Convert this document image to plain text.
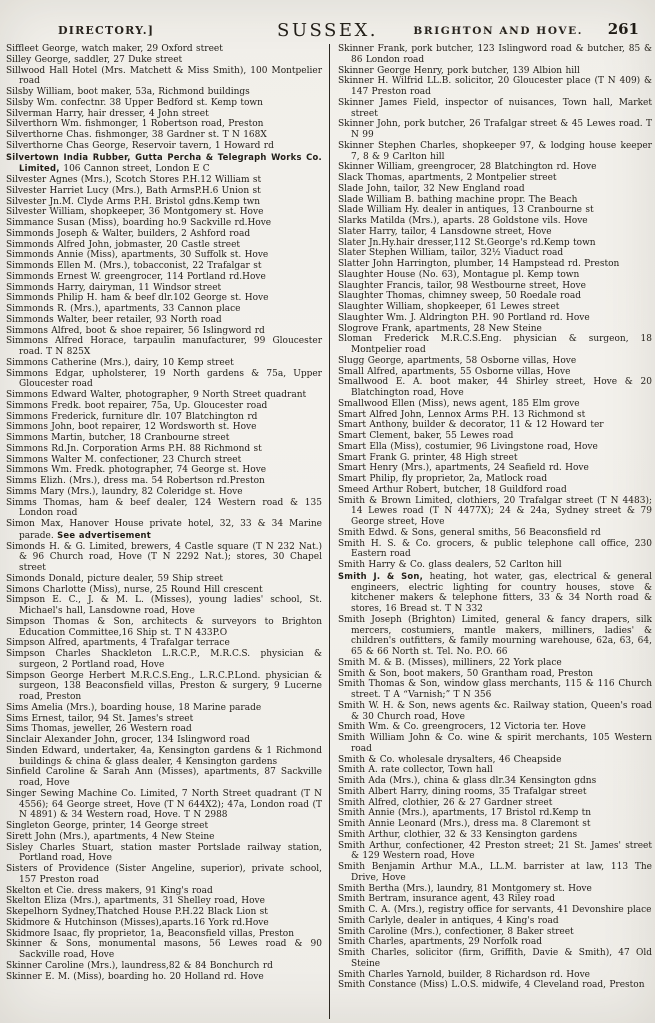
DIRECTORY.]	SUSSEX.	BRIGHTON AND HOVE. 261
Siffleet George, watch maker, 29 Oxford street
Silley George, saddler, 27 Duke street
Sillwood Hall Hotel (Mrs. Matchett & Miss Smith), 100 Montpelier road
Silsby William, boot maker, 53a, Richmond buildings
Silsby Wm. confectnr. 38 Upper Bedford st. Kemp town
Silverman Harry, hair dresser, 4 John street
Silverthorn Wm. fishmonger, 1 Robertson road, Preston
Silverthorne Chas. fishmonger, 38 Gardner st. T N 168X
Silverthorne Chas George, Reservoir tavern, 1 Howard rd
Silvertown India Rubber, Gutta Percha & Telegraph Works Co. Limited, 106 Cannon street, London E C
Silvester Agnes (Mrs.), Scotch Stores P.H.12 William st
Silvester Harriet Lucy (Mrs.), Bath ArmsP.H.6 Union st
Silvester Jn.M. Clyde Arms P.H. Bristol gdns.Kemp twn
Silvester William, shopkeeper, 36 Montgomery st. Hove
Simmance Susan (Miss), boarding ho.9 Sackville rd.Hove
Simmonds Joseph & Walter, builders, 2 Ashford road
Simmonds Alfred John, jobmaster, 20 Castle street
Simmonds Annie (Miss), apartments, 30 Suffolk st. Hove
Simmonds Ellen M. (Mrs.), tobacconist, 22 Trafalgar st
Simmonds Ernest W. greengrocer, 114 Portland rd.Hove
Simmonds Harry, dairyman, 11 Windsor street
Simmonds Philip H. ham & beef dlr.102 George st. Hove
Simmonds R. (Mrs.), apartments, 33 Cannon place
Simmonds Walter, beer retailer, 93 North road
Simmons Alfred, boot & shoe repairer, 56 Islingword rd
Simmons Alfred Horace, tarpaulin manufacturer, 99 Gloucester road. T N 825X
Simmons Catherine (Mrs.), dairy, 10 Kemp street
Simmons Edgar, upholsterer, 19 North gardens & 75a, Upper Gloucester road
Simmons Edward Walter, photographer, 9 North Street quadrant
Simmons Fredk. boot repairer, 75a, Up. Gloucester road
Simmons Frederick, furniture dlr. 107 Blatchington rd
Simmons John, boot repairer, 12 Wordsworth st. Hove
Simmons Martin, butcher, 18 Cranbourne street
Simmons Rd.Jn. Corporation Arms P.H. 88 Richmond st
Simmons Walter M. confectioner, 23 Church street
Simmons Wm. Fredk. photographer, 74 George st. Hove
Simms Elizh. (Mrs.), dress ma. 54 Robertson rd.Preston
Simms Mary (Mrs.), laundry, 82 Coleridge st. Hove
Simms Thomas, ham & beef dealer, 124 Western road & 135 London road
Simon Max, Hanover House private hotel, 32, 33 & 34 Marine parade. See advertisement
Simonds H. & G. Limited, brewers, 4 Castle square (T N 232 Nat.) & 96 Church road, Hove (T N 2292 Nat.); stores, 30 Chapel street
Simonds Donald, picture dealer, 59 Ship street
Simons Charlotte (Miss), nurse, 25 Round Hill crescent
Simpson E. C., J. & M. L. (Misses), young ladies' school, St. Michael's hall, Lansdowne road, Hove
Simpson Thomas & Son, architects & surveyors to Brighton Education Committee,16 Ship st. T N 433P.O
Simpson Alfred, apartments, 4 Trafalgar terrace
Simpson Charles Shackleton L.R.C.P., M.R.C.S. physician & surgeon, 2 Portland road, Hove
Simpson George Herbert M.R.C.S.Eng., L.R.C.P.Lond. physician & surgeon, 138 Beaconsfield villas, Preston & surgery, 9 Lucerne road, Preston
Sims Amelia (Mrs.), boarding house, 18 Marine parade
Sims Ernest, tailor, 94 St. James's street
Sims Thomas, jeweller, 26 Western road
Sinclair Alexander John, grocer, 134 Islingword road
Sinden Edward, undertaker, 4a, Kensington gardens & 1 Richmond buildings & china & glass dealer, 4 Kensington gardens
Sinfield Caroline & Sarah Ann (Misses), apartments, 87 Sackville road, Hove
Singer Sewing Machine Co. Limited, 7 North Street quadrant (T N 4556); 64 George street, Hove (T N 644X2); 47a, London road (T N 4891) & 34 Western road, Hove. T N 2988
Singleton George, printer, 14 George street
Sirett John (Mrs.), apartments, 4 New Steine
Sisley Charles Stuart, station master Portslade railway station, Portland road, Hove
Sisters of Providence (Sister Angeline, superior), private school, 157 Preston road
Skelton et Cie. dress makers, 91 King's road
Skelton Eliza (Mrs.), apartments, 31 Shelley road, Hove
Skepelhorn Sydney,Thatched House P.H.22 Black Lion st
Skidmore & Hutchinson (Misses),aparts.16 York rd.Hove
Skidmore Isaac, fly proprietor, 1a, Beaconsfield villas, Preston
Skinner & Sons, monumental masons, 56 Lewes road & 90 Sackville road, Hove
Skinner Caroline (Mrs.), laundress,82 & 84 Bonchurch rd
Skinner E. M. (Miss), boarding ho. 20 Holland rd. Hove
Skinner Frank, pork butcher, 123 Islingword road & butcher, 85 & 86 London road
Skinner George Henry, pork butcher, 139 Albion hill
Skinner H. Wilfrid LL.B. solicitor, 20 Gloucester place (T N 409) & 147 Preston road
Skinner James Field, inspector of nuisances, Town hall, Market street
Skinner John, pork butcher, 26 Trafalgar street & 45 Lewes road. T N 99
Skinner Stephen Charles, shopkeeper 97, & lodging house keeper 7, 8 & 9 Carlton hill
Skinner William, greengrocer, 28 Blatchington rd. Hove
Slack Thomas, apartments, 2 Montpelier street
Slade John, tailor, 32 New England road
Slade William B. bathing machine propr. The Beach
Slade William Hy. dealer in antiques, 13 Cranbourne st
Slarks Matilda (Mrs.), aparts. 28 Goldstone vils. Hove
Slater Harry, tailor, 4 Lansdowne street, Hove
Slater Jn.Hy.hair dresser,112 St.George's rd.Kemp town
Slater Stephen William, tailor, 32½ Viaduct road
Slatter John Harrington, plumber, 14 Hampstead rd. Preston
Slaughter House (No. 63), Montague pl. Kemp town
Slaughter Francis, tailor, 98 Westbourne street, Hove
Slaughter Thomas, chimney sweep, 50 Roedale road
Slaughter William, shopkeeper, 61 Lewes street
Slaughter Wm. J. Aldrington P.H. 90 Portland rd. Hove
Slogrove Frank, apartments, 28 New Steine
Sloman Frederick M.R.C.S.Eng. physician & surgeon, 18 Montpelier road
Slugg George, apartments, 58 Osborne villas, Hove
Small Alfred, apartments, 55 Osborne villas, Hove
Smallwood E. A. boot maker, 44 Shirley street, Hove & 20 Blatchington road, Hove
Smallwood Ellen (Miss), news agent, 185 Elm grove
Smart Alfred John, Lennox Arms P.H. 13 Richmond st
Smart Anthony, builder & decorator, 11 & 12 Howard ter
Smart Clement, baker, 55 Lewes road
Smart Ella (Miss), costumier, 96 Livingstone road, Hove
Smart Frank G. printer, 48 High street
Smart Henry (Mrs.), apartments, 24 Seafield rd. Hove
Smart Philip, fly proprietor, 2a, Matlock road
Smeed Arthur Robert, butcher, 18 Guildford road
Smith & Brown Limited, clothiers, 20 Trafalgar street (T N 4483); 14 Lewes road (T N 4477X); 24 & 24a, Sydney street & 79 George street, Hove
Smith Edwd. & Sons, general smiths, 56 Beaconsfield rd
Smith H. S. & Co. grocers, & public telephone call office, 230 Eastern road
Smith Harry & Co. glass dealers, 52 Carlton hill
Smith J. & Son, heating, hot water, gas, electrical & general engineers, electric lighting for country houses, stove & kitchener makers & telephone fitters, 33 & 34 North road & stores, 16 Bread st. T N 332
Smith Joseph (Brighton) Limited, general & fancy drapers, silk mercers, costumiers, mantle makers, milliners, ladies' & children's outfitters, & family mourning warehouse, 62a, 63, 64, 65 & 66 North st. Tel. No. P.O. 66
Smith M. & B. (Misses), milliners, 22 York place
Smith & Son, boot makers, 50 Grantham road, Preston
Smith Thomas & Son, window glass merchants, 115 & 116 Church street. T A “Varnish;” T N 356
Smith W. H. & Son, news agents &c. Railway station, Queen's road & 30 Church road, Hove
Smith Wm. & Co. greengrocers, 12 Victoria ter. Hove
Smith William John & Co. wine & spirit merchants, 105 Western road
Smith & Co. wholesale drysalters, 46 Cheapside
Smith A. rate collector, Town hall
Smith Ada (Mrs.), china & glass dlr.34 Kensington gdns
Smith Albert Harry, dining rooms, 35 Trafalgar street
Smith Alfred, clothier, 26 & 27 Gardner street
Smith Annie (Mrs.), apartments, 17 Bristol rd.Kemp tn
Smith Annie Leonard (Mrs.), dress ma. 8 Claremont st
Smith Arthur, clothier, 32 & 33 Kensington gardens
Smith Arthur, confectioner, 42 Preston street; 21 St. James' street & 129 Western road, Hove
Smith Benjamin Arthur M.A., LL.M. barrister at law, 113 The Drive, Hove
Smith Bertha (Mrs.), laundry, 81 Montgomery st. Hove
Smith Bertram, insurance agent, 43 Riley road
Smith C. A. (Mrs.), registry office for servants, 41 Devonshire place
Smith Carlyle, dealer in antiques, 4 King's road
Smith Caroline (Mrs.), confectioner, 8 Baker street
Smith Charles, apartments, 29 Norfolk road
Smith Charles, solicitor (firm, Griffith, Davie & Smith), 47 Old Steine
Smith Charles Yarnold, builder, 8 Richardson rd. Hove
Smith Constance (Miss) L.O.S. midwife, 4 Cleveland road, Preston
